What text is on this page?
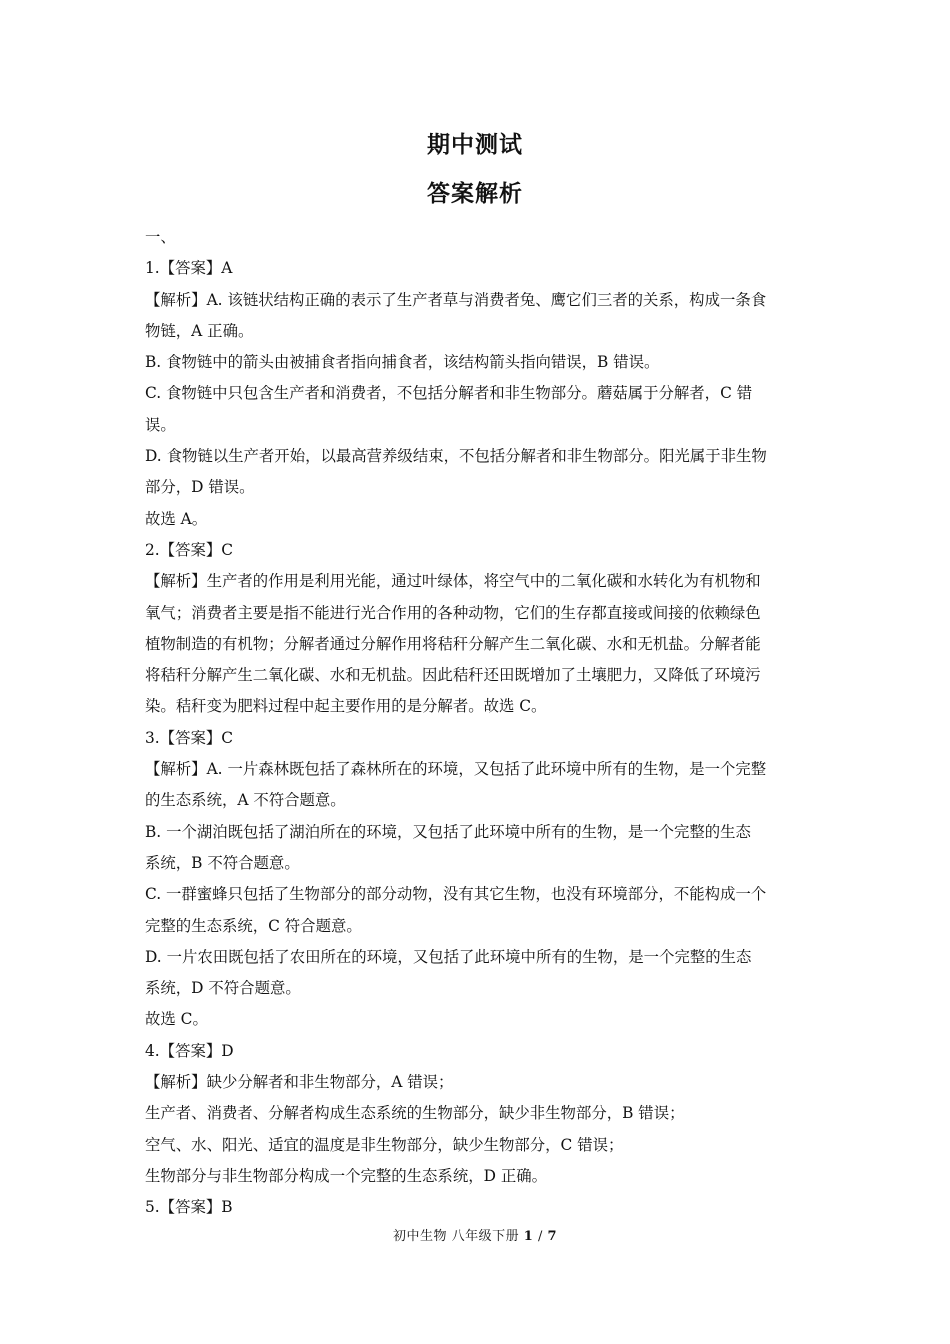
期中测试
答案解析
一、
1.【答案】A
【解析】A. 该链状结构正确的表示了生产者草与消费者兔、鹰它们三者的关系，构成一条食
物链，A 正确。
B. 食物链中的箭头由被捕食者指向捕食者，该结构箭头指向错误，B 错误。
C. 食物链中只包含生产者和消费者，不包括分解者和非生物部分。蘑菇属于分解者，C 错
误。
D. 食物链以生产者开始，以最高营养级结束，不包括分解者和非生物部分。阳光属于非生物
部分，D 错误。
故选 A。
2.【答案】C
【解析】生产者的作用是利用光能，通过叶绿体，将空气中的二氧化碳和水转化为有机物和
氧气；消费者主要是指不能进行光合作用的各种动物，它们的生存都直接或间接的依赖绿色
植物制造的有机物；分解者通过分解作用将秸秆分解产生二氧化碳、水和无机盐。分解者能
将秸秆分解产生二氧化碳、水和无机盐。因此秸秆还田既增加了土壤肥力，又降低了环境污
染。秸秆变为肥料过程中起主要作用的是分解者。故选 C。
3.【答案】C
【解析】A. 一片森林既包括了森林所在的环境，又包括了此环境中所有的生物，是一个完整
的生态系统，A 不符合题意。
B. 一个湖泊既包括了湖泊所在的环境，又包括了此环境中所有的生物，是一个完整的生态
系统，B 不符合题意。
C. 一群蜜蜂只包括了生物部分的部分动物，没有其它生物，也没有环境部分，不能构成一个
完整的生态系统，C 符合题意。
D. 一片农田既包括了农田所在的环境，又包括了此环境中所有的生物，是一个完整的生态
系统，D 不符合题意。
故选 C。
4.【答案】D
【解析】缺少分解者和非生物部分，A 错误；
生产者、消费者、分解者构成生态系统的生物部分，缺少非生物部分，B 错误；
空气、水、阳光、适宜的温度是非生物部分，缺少生物部分，C 错误；
生物部分与非生物部分构成一个完整的生态系统，D 正确。
5.【答案】B
初中生物 八年级下册 1 / 7
